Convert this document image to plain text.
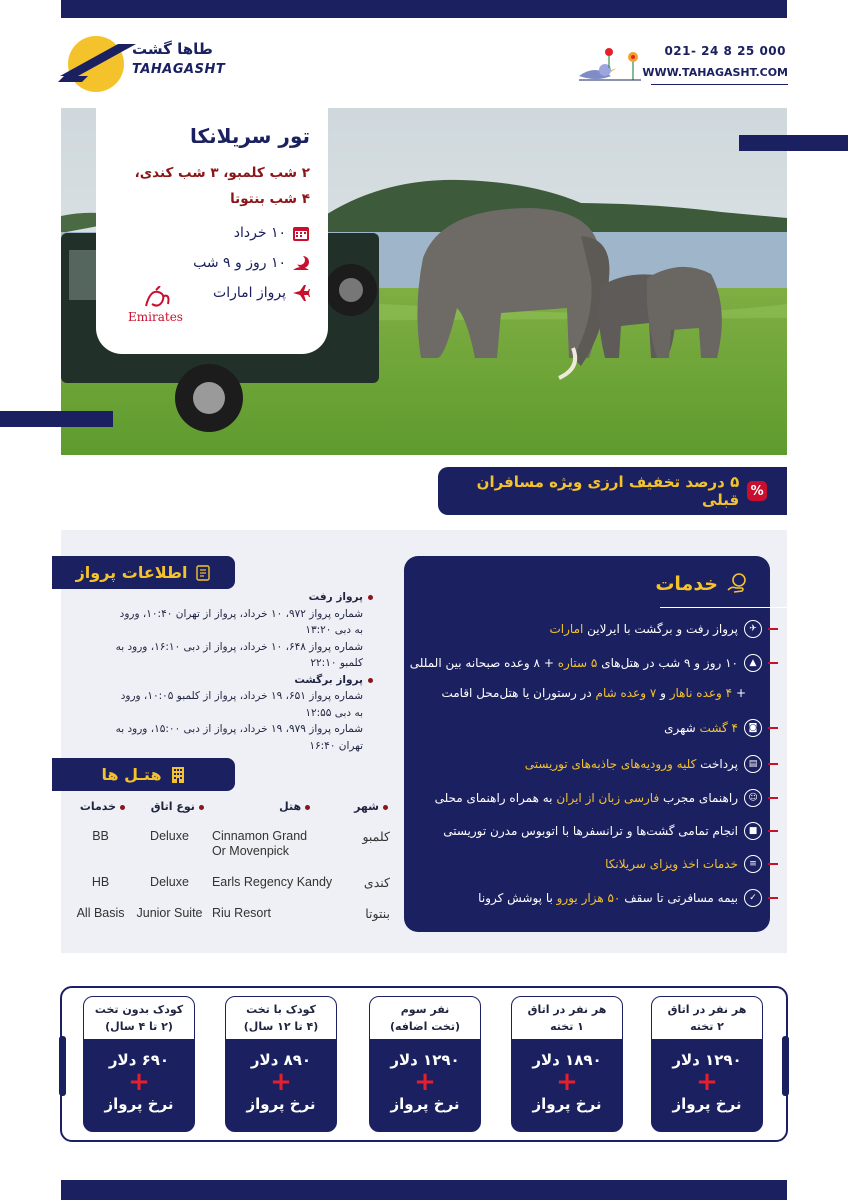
طاها گشت
TAHAGASHT
021- 24 8 25 000
WWW.TAHAGASHT.COM
تور سریلانکا
۲ شب کلمبو، ۳ شب کندی،
۴ شب بنتوتا
۱۰ خرداد
۱۰ روز و ۹ شب
پرواز امارات
Emirates
%
۵ درصد تخفیف ارزی ویژه مسافران قبلی
اطلاعات پرواز
پرواز رفت
شماره پرواز ۹۷۲، ۱۰ خرداد، پرواز از تهران ۱۰:۴۰، ورود
به دبی ۱۳:۲۰
شماره پرواز ۶۴۸، ۱۰ خرداد، پرواز از دبی ۱۶:۱۰، ورود به
کلمبو ۲۲:۱۰
پرواز برگشت
شماره پرواز ۶۵۱، ۱۹ خرداد، پرواز از کلمبو ۱۰:۰۵، ورود
به دبی ۱۲:۵۵
شماره پرواز ۹۷۹، ۱۹ خرداد، پرواز از دبی ۱۵:۰۰، ورود به
تهران ۱۶:۴۰
هتـل ها
شهر	هتل	نوع اتاق	خدمات
کلمبو	Cinnamon Grand
Or Movenpick	Deluxe	BB
کندی	Earls Regency Kandy	Deluxe	HB
بنتوتا	Riu Resort	Junior Suite	All Basis
خدمات
✈
پرواز رفت و برگشت با ایرلاین امارات
▲
۱۰ روز و ۹ شب در هتل‌های ۵ ستاره + ۸ وعده صبحانه بین المللی
+ ۴ وعده ناهار و ۷ وعده شام در رستوران یا هتل‌محل اقامت
◙
۴ گشت شهری
▤
پرداخت کلیه ورودیه‌های جاذبه‌های توریستی
☺
راهنمای مجرب فارسی زبان از ایران به همراه راهنمای محلی
■
انجام تمامی گشت‌ها و ترانسفرها با اتوبوس مدرن توریستی
≡
خدمات اخذ ویزای سریلانکا
✓
بیمه مسافرتی تا سقف ۵۰ هزار یورو با پوشش کرونا
هر نفر در اتاق
۲ تخته
۱۲۹۰ دلار
+
نرخ پرواز
هر نفر در اتاق
۱ تخته
۱۸۹۰ دلار
+
نرخ پرواز
نفر سوم
(تخت اضافه)
۱۲۹۰ دلار
+
نرخ پرواز
کودک با تخت
(۴ تا ۱۲ سال)
۸۹۰ دلار
+
نرخ پرواز
کودک بدون تخت
(۲ تا ۴ سال)
۶۹۰ دلار
+
نرخ پرواز
